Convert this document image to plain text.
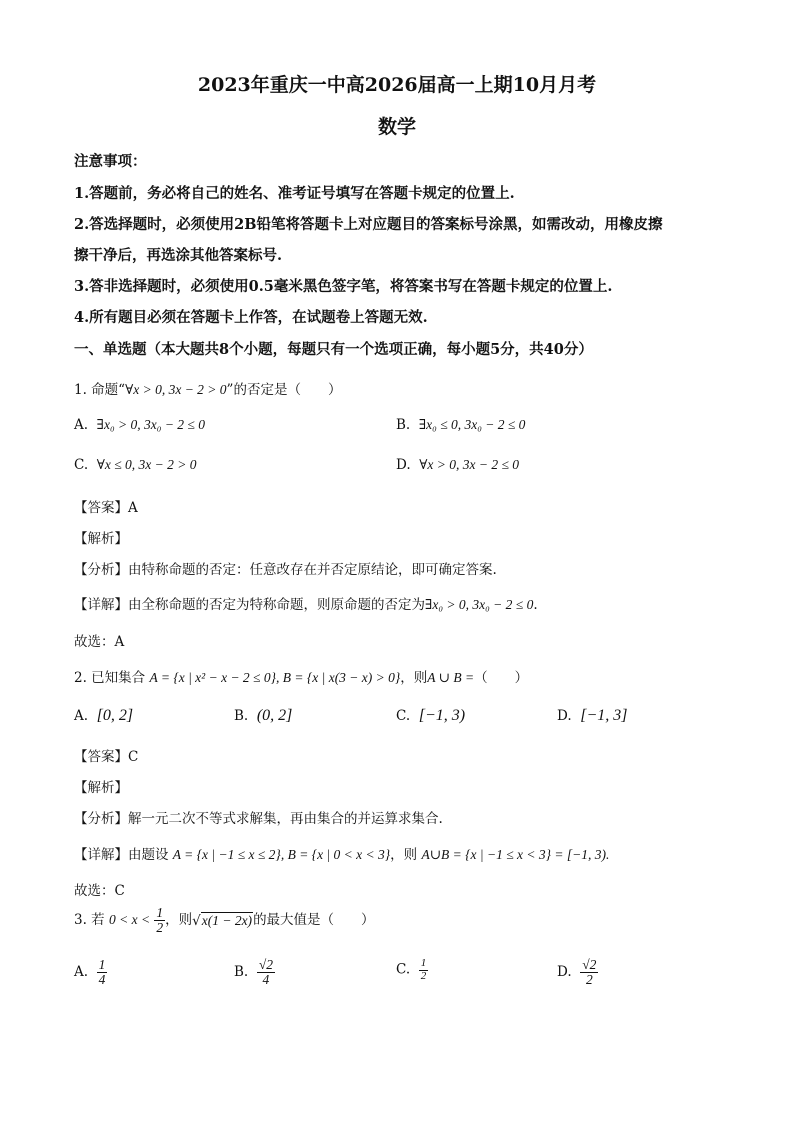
2023年重庆一中高2026届高一上期10月月考
数学
注意事项：
1.答题前，务必将自己的姓名、准考证号填写在答题卡规定的位置上.
2.答选择题时，必须使用2B铅笔将答题卡上对应题目的答案标号涂黑，如需改动，用橡皮擦
擦干净后，再选涂其他答案标号.
3.答非选择题时，必须使用0.5毫米黑色签字笔，将答案书写在答题卡规定的位置上.
4.所有题目必须在答题卡上作答，在试题卷上答题无效.
一、单选题（本大题共8个小题，每题只有一个选项正确，每小题5分，共40分）
1. 命题“∀x > 0, 3x − 2 > 0”的否定是（　　）
A. ∃x₀ > 0, 3x₀ − 2 ≤ 0	B. ∃x₀ ≤ 0, 3x₀ − 2 ≤ 0
C. ∀x ≤ 0, 3x − 2 > 0	D. ∀x > 0, 3x − 2 ≤ 0
【答案】A
【解析】
【分析】由特称命题的否定：任意改存在并否定原结论，即可确定答案.
【详解】由全称命题的否定为特称命题，则原命题的否定为∃x₀ > 0, 3x₀ − 2 ≤ 0.
故选：A
2. 已知集合 A = {x | x² − x − 2 ≤ 0}, B = {x | x(3 − x) > 0}，则A ∪ B =（　　）
A. [0, 2]	B. (0, 2]	C. [−1, 3)	D. [−1, 3]
【答案】C
【解析】
【分析】解一元二次不等式求解集，再由集合的并运算求集合.
【详解】由题设 A = {x | −1 ≤ x ≤ 2}, B = {x | 0 < x < 3}，则 A∪B = {x | −1 ≤ x < 3} = [−1, 3).
故选：C
3. 若 $0 < x < \frac{1}{2}$ ，则√x(1 − 2x)的最大值是（　　）
A. $\frac{1}{4}$	B. $\frac{√2}{4}$	C. $\frac{1}{2}$	D. $\frac{√2}{2}$
